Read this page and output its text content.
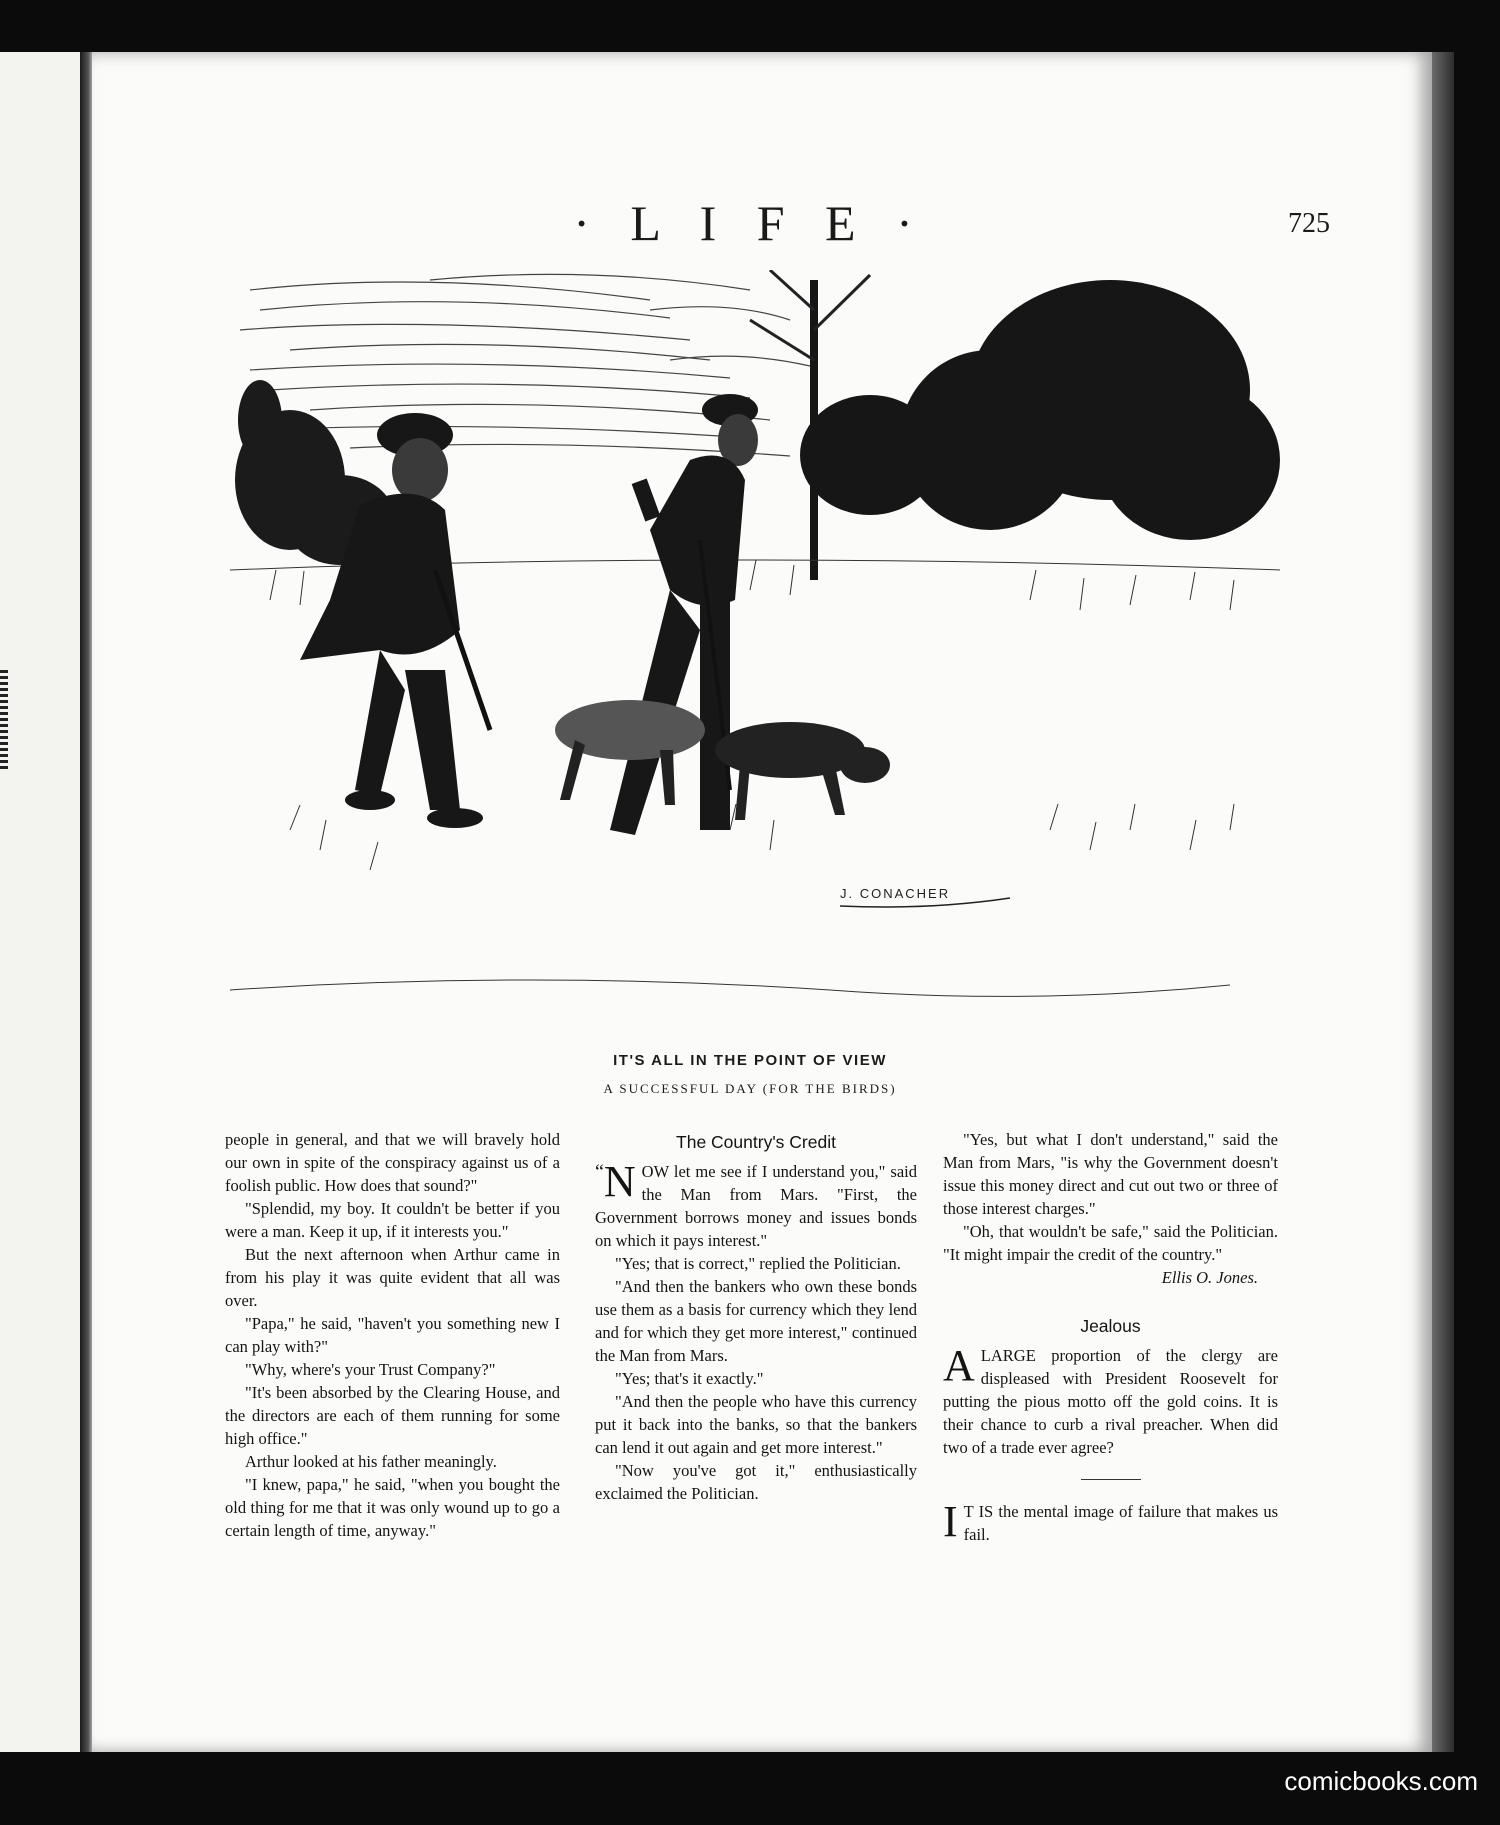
· L I F E ·	725
J. CONACHER
IT'S ALL IN THE POINT OF VIEW
A SUCCESSFUL DAY (FOR THE BIRDS)

people in general, and that we will bravely hold our own in spite of the conspiracy against us of a foolish public. How does that sound?"

"Splendid, my boy. It couldn't be better if you were a man. Keep it up, if it interests you."

But the next afternoon when Arthur came in from his play it was quite evident that all was over.

"Papa," he said, "haven't you something new I can play with?"

"Why, where's your Trust Company?"

"It's been absorbed by the Clearing House, and the directors are each of them running for some high office."

Arthur looked at his father meaningly.

"I knew, papa," he said, "when you bought the old thing for me that it was only wound up to go a certain length of time, anyway."

The Country's Credit

“ N OW let me see if I understand you," said the Man from Mars. "First, the Government borrows money and issues bonds on which it pays interest."

"Yes; that is correct," replied the Politician.

"And then the bankers who own these bonds use them as a basis for currency which they lend and for which they get more interest," continued the Man from Mars.

"Yes; that's it exactly."

"And then the people who have this currency put it back into the banks, so that the bankers can lend it out again and get more interest."

"Now you've got it," enthusiastically exclaimed the Politician.

"Yes, but what I don't understand," said the Man from Mars, "is why the Government doesn't issue this money direct and cut out two or three of those interest charges."

"Oh, that wouldn't be safe," said the Politician. "It might impair the credit of the country."

Ellis O. Jones.

Jealous

ALARGE proportion of the clergy are displeased with President Roosevelt for putting the pious motto off the gold coins. It is their chance to curb a rival preacher. When did two of a trade ever agree?

I T IS the mental image of failure that makes us fail.

comicbooks.com
